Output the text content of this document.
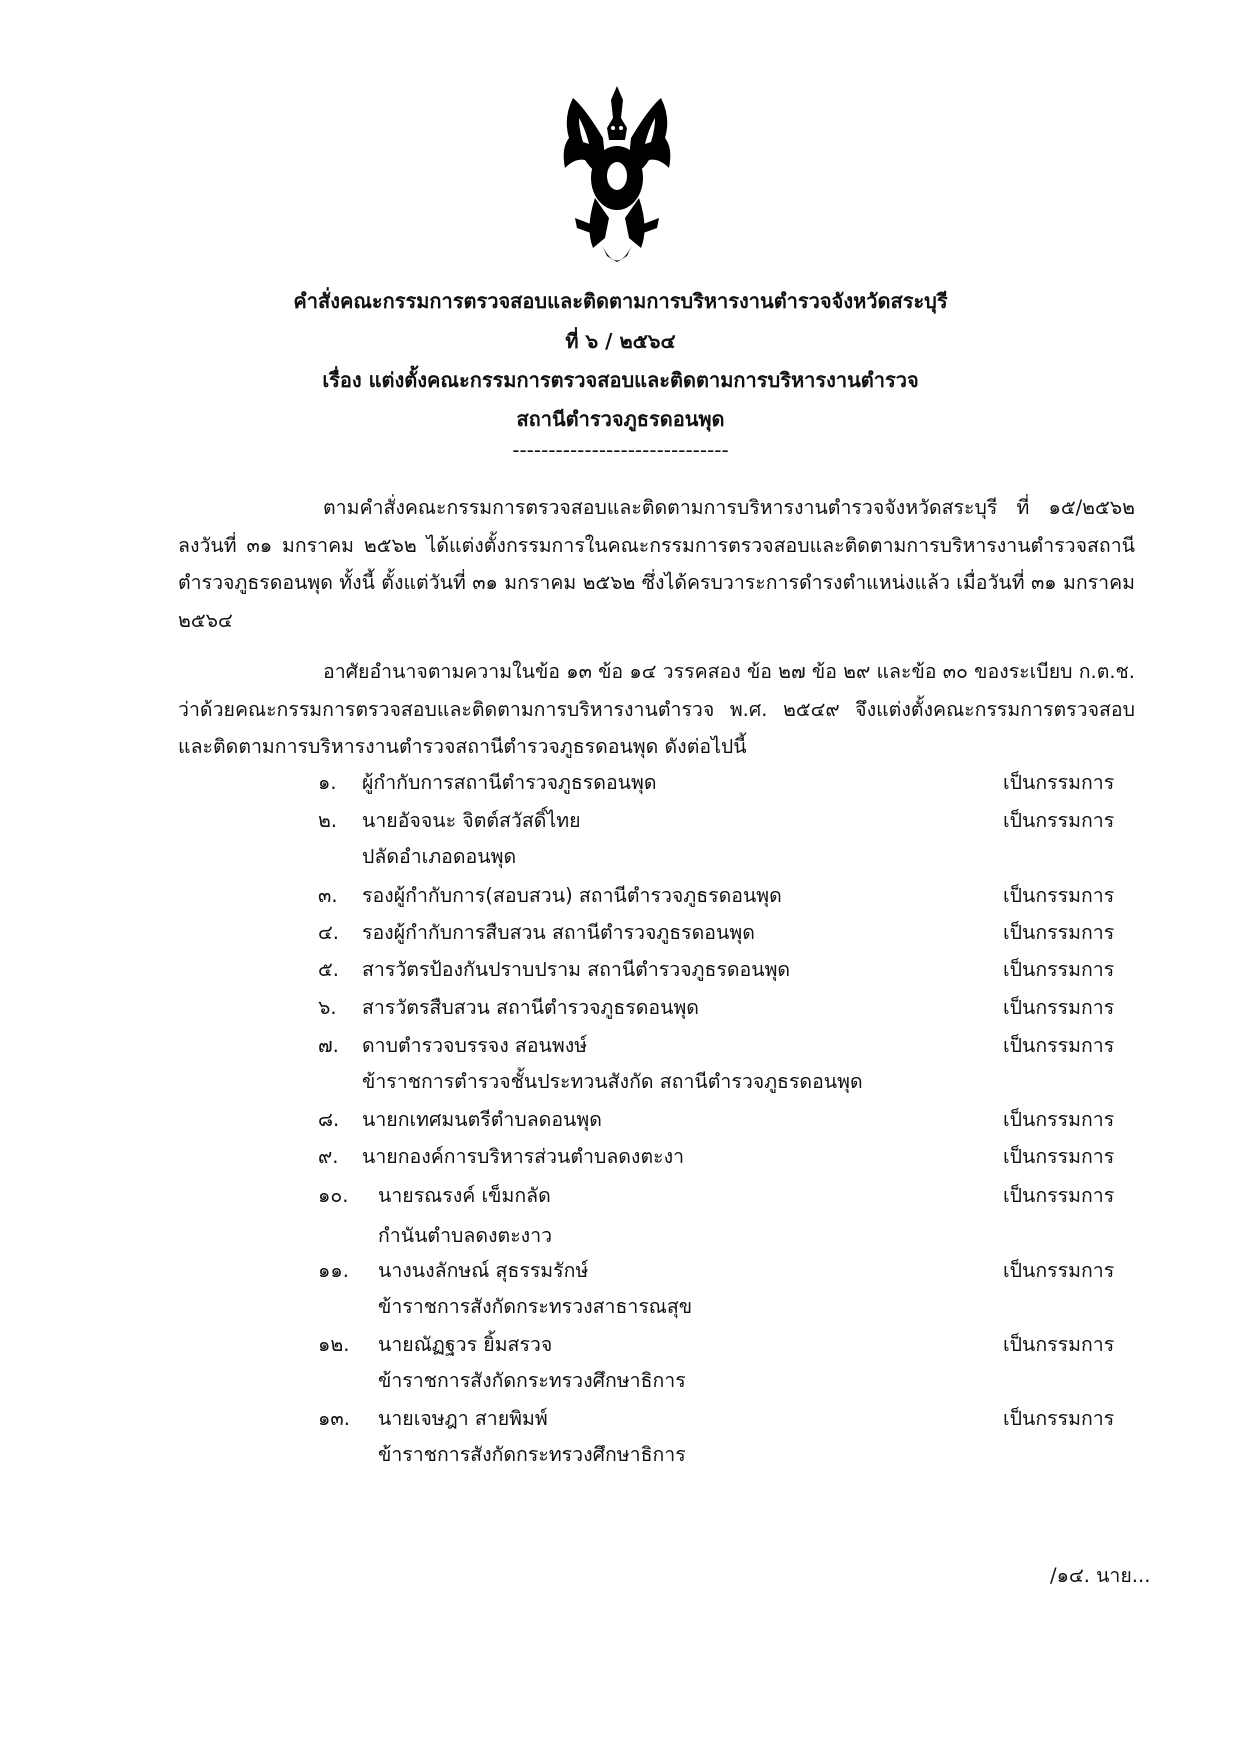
คำสั่งคณะกรรมการตรวจสอบและติดตามการบริหารงานตำรวจจังหวัดสระบุรี
ที่ ๖ / ๒๕๖๔
เรื่อง แต่งตั้งคณะกรรมการตรวจสอบและติดตามการบริหารงานตำรวจ
สถานีตำรวจภูธรดอนพุด
------------------------------

ตามคำสั่งคณะกรรมการตรวจสอบและติดตามการบริหารงานตำรวจจังหวัดสระบุรี ที่ ๑๕/๒๕๖๒ ลงวันที่ ๓๑ มกราคม ๒๕๖๒ ได้แต่งตั้งกรรมการในคณะกรรมการตรวจสอบและติดตามการบริหารงานตำรวจสถานีตำรวจภูธรดอนพุด ทั้งนี้ ตั้งแต่วันที่ ๓๑ มกราคม ๒๕๖๒ ซึ่งได้ครบวาระการดำรงตำแหน่งแล้ว เมื่อวันที่ ๓๑ มกราคม ๒๕๖๔

อาศัยอำนาจตามความในข้อ ๑๓ ข้อ ๑๔ วรรคสอง ข้อ ๒๗ ข้อ ๒๙ และข้อ ๓๐ ของระเบียบ ก.ต.ช. ว่าด้วยคณะกรรมการตรวจสอบและติดตามการบริหารงานตำรวจ พ.ศ. ๒๕๔๙ จึงแต่งตั้งคณะกรรมการตรวจสอบและติดตามการบริหารงานตำรวจสถานีตำรวจภูธรดอนพุด ดังต่อไปนี้

๑. ผู้กำกับการสถานีตำรวจภูธรดอนพุด	เป็นกรรมการ
๒. นายอัจจนะ จิตต์สวัสดิ์ไทย	เป็นกรรมการ
ปลัดอำเภอดอนพุด
๓. รองผู้กำกับการ(สอบสวน) สถานีตำรวจภูธรดอนพุด	เป็นกรรมการ
๔. รองผู้กำกับการสืบสวน สถานีตำรวจภูธรดอนพุด	เป็นกรรมการ
๕. สารวัตรป้องกันปราบปราม สถานีตำรวจภูธรดอนพุด	เป็นกรรมการ
๖. สารวัตรสืบสวน สถานีตำรวจภูธรดอนพุด	เป็นกรรมการ
๗. ดาบตำรวจบรรจง สอนพงษ์	เป็นกรรมการ
ข้าราชการตำรวจชั้นประทวนสังกัด สถานีตำรวจภูธรดอนพุด
๘. นายกเทศมนตรีตำบลดอนพุด	เป็นกรรมการ
๙. นายกองค์การบริหารส่วนตำบลดงตะงา	เป็นกรรมการ
๑๐. นายรณรงค์ เข็มกลัด	เป็นกรรมการ
กำนันตำบลดงตะงาว
๑๑. นางนงลักษณ์ สุธรรมรักษ์	เป็นกรรมการ
ข้าราชการสังกัดกระทรวงสาธารณสุข
๑๒. นายณัฏฐวร ยิ้มสรวจ	เป็นกรรมการ
ข้าราชการสังกัดกระทรวงศึกษาธิการ
๑๓. นายเจษฎา สายพิมพ์	เป็นกรรมการ
ข้าราชการสังกัดกระทรวงศึกษาธิการ
/๑๔. นาย...
